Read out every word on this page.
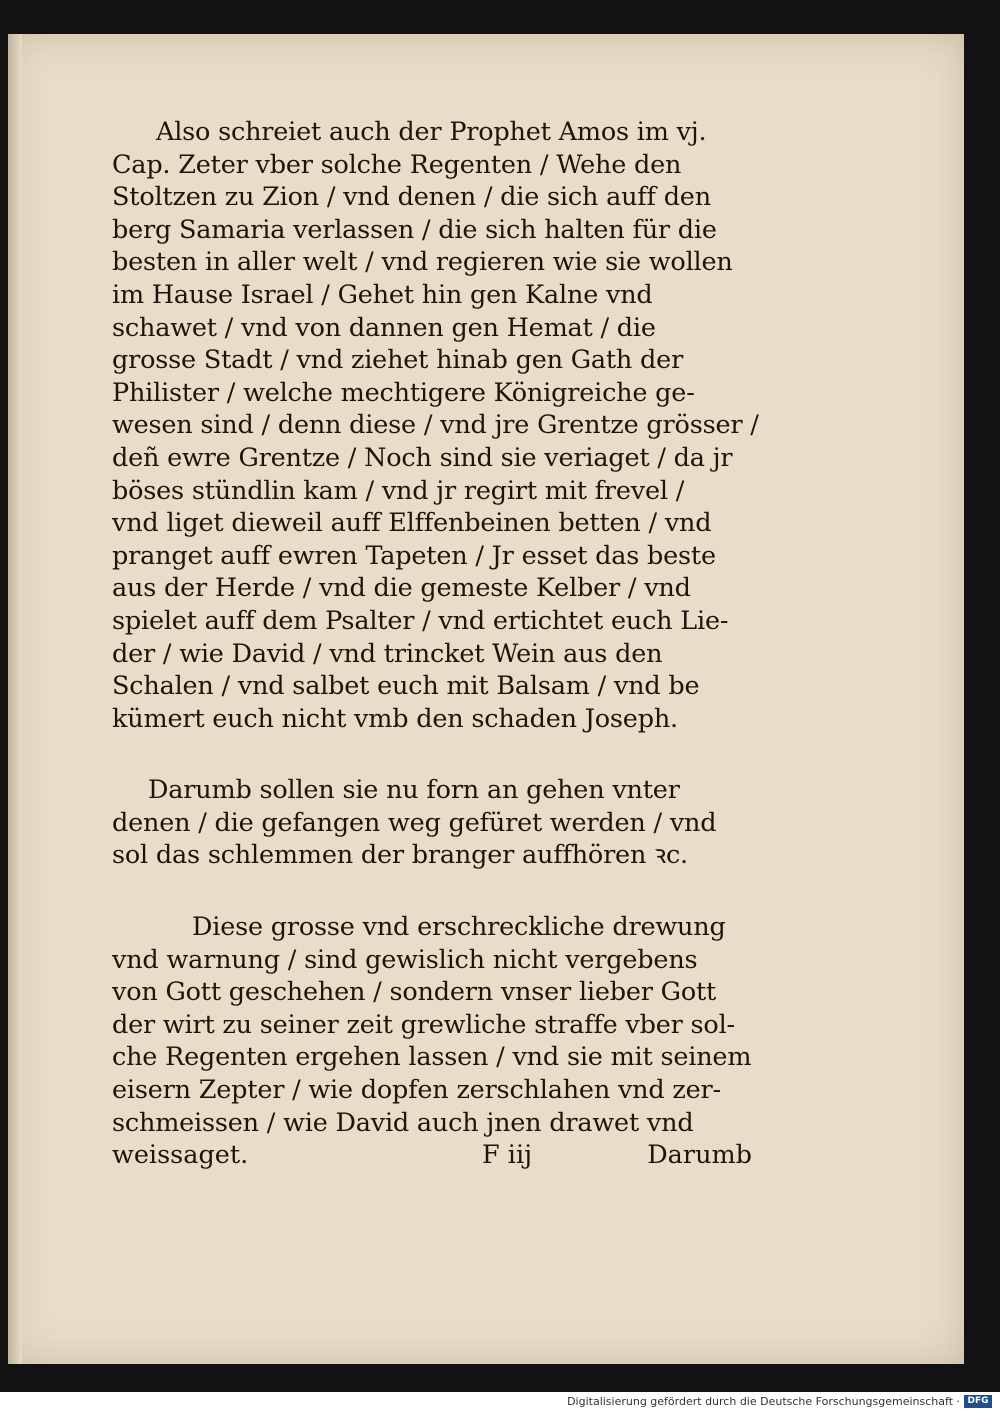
Also schreiet auch der Prophet Amos im vj.
Cap. Zeter vber solche Regenten / Wehe den
Stoltzen zu Zion / vnd denen / die sich auff den
berg Samaria verlassen / die sich halten für die
besten in aller welt / vnd regieren wie sie wollen
im Hause Israel / Gehet hin gen Kalne vnd
schawet / vnd von dannen gen Hemat / die
grosse Stadt / vnd ziehet hinab gen Gath der
Philister / welche mechtigere Königreiche ge-
wesen sind / denn diese / vnd jre Grentze grösser /
deñ ewre Grentze / Noch sind sie veriaget / da jr
böses stündlin kam / vnd jr regirt mit frevel /
vnd liget dieweil auff Elffenbeinen betten / vnd
pranget auff ewren Tapeten / Jr esset das beste
aus der Herde / vnd die gemeste Kelber / vnd
spielet auff dem Psalter / vnd ertichtet euch Lie-
der / wie David / vnd trincket Wein aus den
Schalen / vnd salbet euch mit Balsam / vnd be
kümert euch nicht vmb den schaden Joseph.
Darumb sollen sie nu forn an gehen vnter
denen / die gefangen weg gefüret werden / vnd
sol das schlemmen der branger auffhören ꝛc.
Diese grosse vnd erschreckliche drewung
vnd warnung / sind gewislich nicht vergebens
von Gott geschehen / sondern vnser lieber Gott
der wirt zu seiner zeit grewliche straffe vber sol-
che Regenten ergehen lassen / vnd sie mit seinem
eisern Zepter / wie dopfen zerschlahen vnd zer-
schmeissen / wie David auch jnen drawet vnd
weissaget.	F iij	Darumb
Digitalisierung gefördert durch die Deutsche Forschungsgemeinschaft · DFG
